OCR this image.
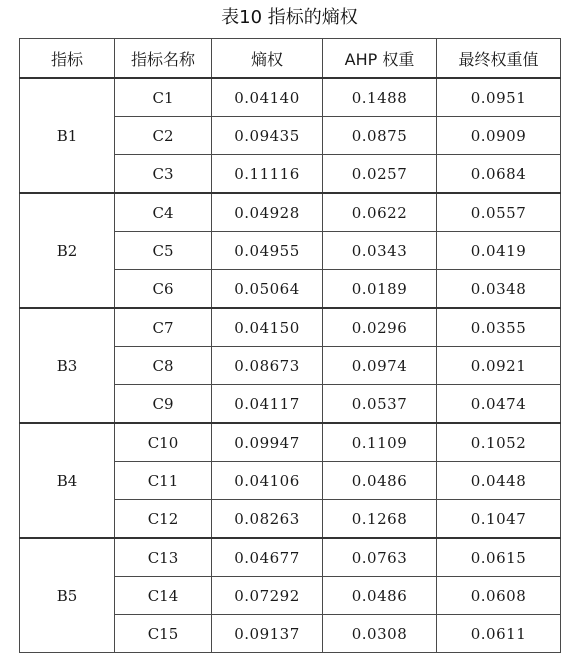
表10 指标的熵权
指标	指标名称	熵权	AHP 权重	最终权重值
B1	C1	0.04140	0.1488	0.0951
	C2	0.09435	0.0875	0.0909
	C3	0.11116	0.0257	0.0684
B2	C4	0.04928	0.0622	0.0557
	C5	0.04955	0.0343	0.0419
	C6	0.05064	0.0189	0.0348
B3	C7	0.04150	0.0296	0.0355
	C8	0.08673	0.0974	0.0921
	C9	0.04117	0.0537	0.0474
B4	C10	0.09947	0.1109	0.1052
	C11	0.04106	0.0486	0.0448
	C12	0.08263	0.1268	0.1047
B5	C13	0.04677	0.0763	0.0615
	C14	0.07292	0.0486	0.0608
	C15	0.09137	0.0308	0.0611	​
